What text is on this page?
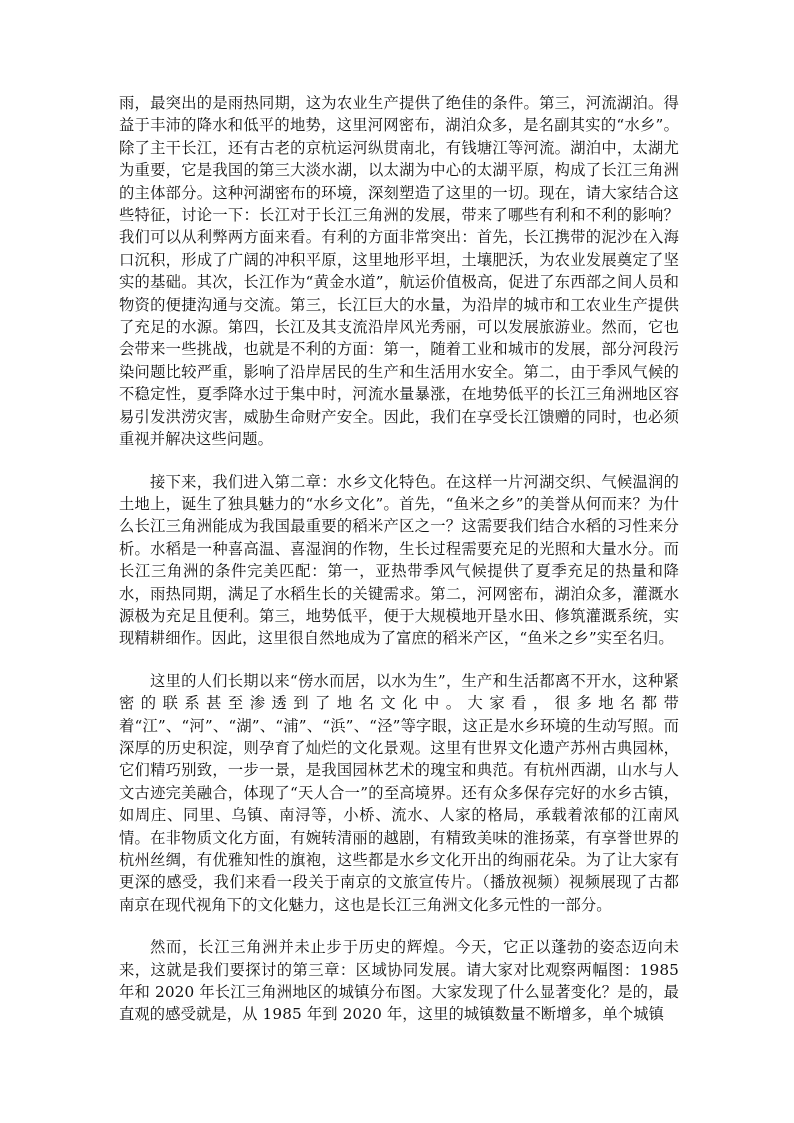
雨，最突出的是雨热同期，这为农业生产提供了绝佳的条件。第三，河流湖泊。得益于丰沛的降水和低平的地势，这里河网密布，湖泊众多，是名副其实的“水乡”。除了主干长江，还有古老的京杭运河纵贯南北，有钱塘江等河流。湖泊中，太湖尤为重要，它是我国的第三大淡水湖，以太湖为中心的太湖平原，构成了长江三角洲的主体部分。这种河湖密布的环境，深刻塑造了这里的一切。现在，请大家结合这些特征，讨论一下：长江对于长江三角洲的发展，带来了哪些有利和不利的影响？我们可以从利弊两方面来看。有利的方面非常突出：首先，长江携带的泥沙在入海口沉积，形成了广阔的冲积平原，这里地形平坦，土壤肥沃，为农业发展奠定了坚实的基础。其次，长江作为“黄金水道”，航运价值极高，促进了东西部之间人员和物资的便捷沟通与交流。第三，长江巨大的水量，为沿岸的城市和工农业生产提供了充足的水源。第四，长江及其支流沿岸风光秀丽，可以发展旅游业。然而，它也会带来一些挑战，也就是不利的方面：第一，随着工业和城市的发展，部分河段污染问题比较严重，影响了沿岸居民的生产和生活用水安全。第二，由于季风气候的不稳定性，夏季降水过于集中时，河流水量暴涨，在地势低平的长江三角洲地区容易引发洪涝灾害，威胁生命财产安全。因此，我们在享受长江馈赠的同时，也必须重视并解决这些问题。

接下来，我们进入第二章：水乡文化特色。在这样一片河湖交织、气候温润的土地上，诞生了独具魅力的“水乡文化”。首先，“鱼米之乡”的美誉从何而来？为什么长江三角洲能成为我国最重要的稻米产区之一？这需要我们结合水稻的习性来分析。水稻是一种喜高温、喜湿润的作物，生长过程需要充足的光照和大量水分。而长江三角洲的条件完美匹配：第一，亚热带季风气候提供了夏季充足的热量和降水，雨热同期，满足了水稻生长的关键需求。第二，河网密布，湖泊众多，灌溉水源极为充足且便利。第三，地势低平，便于大规模地开垦水田、修筑灌溉系统，实现精耕细作。因此，这里很自然地成为了富庶的稻米产区，“鱼米之乡”实至名归。

这里的人们长期以来“傍水而居，以水为生”，生产和生活都离不开水，这种紧密的联系甚至渗透到了地名文化中。大家看，很多地名都带着“江”、“河”、“湖”、“浦”、“浜”、“泾”等字眼，这正是水乡环境的生动写照。而深厚的历史积淀，则孕育了灿烂的文化景观。这里有世界文化遗产苏州古典园林，它们精巧别致，一步一景，是我国园林艺术的瑰宝和典范。有杭州西湖，山水与人文古迹完美融合，体现了“天人合一”的至高境界。还有众多保存完好的水乡古镇，如周庄、同里、乌镇、南浔等，小桥、流水、人家的格局，承载着浓郁的江南风情。在非物质文化方面，有婉转清丽的越剧，有精致美味的淮扬菜，有享誉世界的杭州丝绸，有优雅知性的旗袍，这些都是水乡文化开出的绚丽花朵。为了让大家有更深的感受，我们来看一段关于南京的文旅宣传片。（播放视频）视频展现了古都南京在现代视角下的文化魅力，这也是长江三角洲文化多元性的一部分。

然而，长江三角洲并未止步于历史的辉煌。今天，它正以蓬勃的姿态迈向未来，这就是我们要探讨的第三章：区域协同发展。请大家对比观察两幅图：1985年和 2020 年长江三角洲地区的城镇分布图。大家发现了什么显著变化？是的，最直观的感受就是，从 1985 年到 2020 年，这里的城镇数量不断增多，单个城镇
